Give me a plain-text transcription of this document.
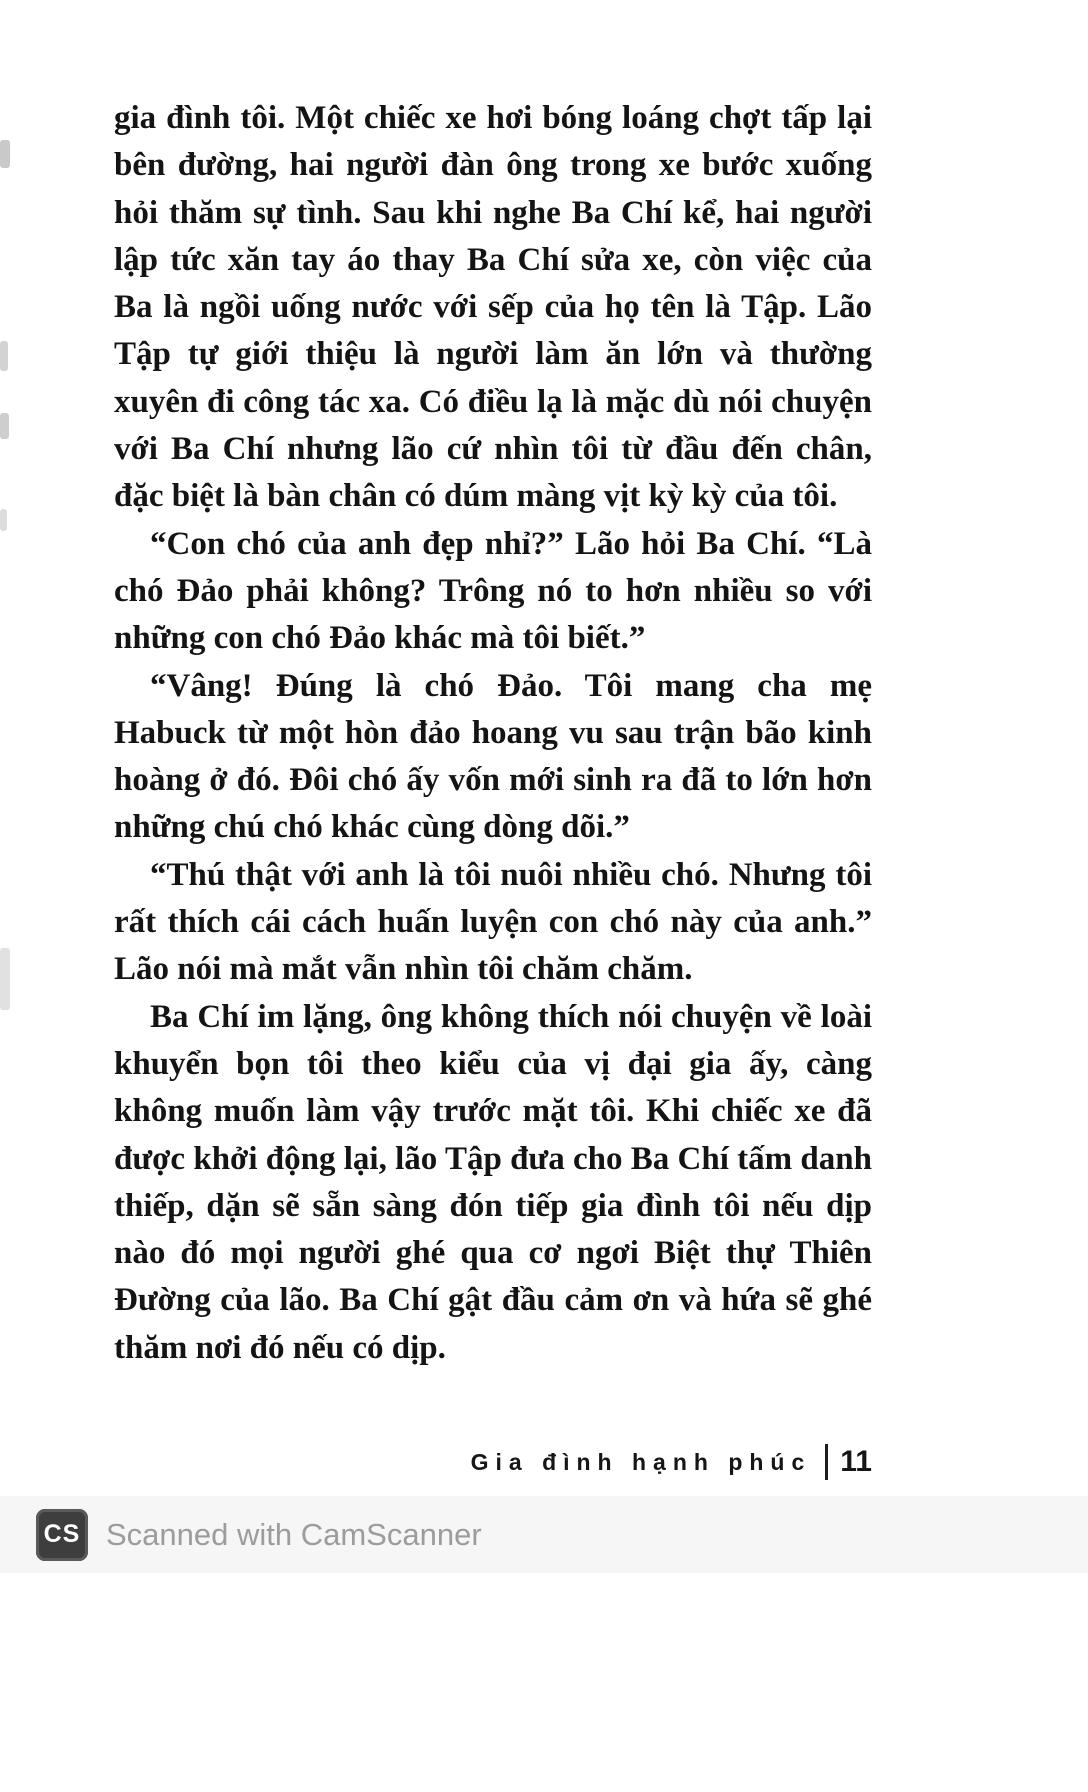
gia đình tôi. Một chiếc xe hơi bóng loáng chợt tấp lại bên đường, hai người đàn ông trong xe bước xuống hỏi thăm sự tình. Sau khi nghe Ba Chí kể, hai người lập tức xăn tay áo thay Ba Chí sửa xe, còn việc của Ba là ngồi uống nước với sếp của họ tên là Tập. Lão Tập tự giới thiệu là người làm ăn lớn và thường xuyên đi công tác xa. Có điều lạ là mặc dù nói chuyện với Ba Chí nhưng lão cứ nhìn tôi từ đầu đến chân, đặc biệt là bàn chân có dúm màng vịt kỳ kỳ của tôi.

“Con chó của anh đẹp nhỉ?” Lão hỏi Ba Chí. “Là chó Đảo phải không? Trông nó to hơn nhiều so với những con chó Đảo khác mà tôi biết.”

“Vâng! Đúng là chó Đảo. Tôi mang cha mẹ Habuck từ một hòn đảo hoang vu sau trận bão kinh hoàng ở đó. Đôi chó ấy vốn mới sinh ra đã to lớn hơn những chú chó khác cùng dòng dõi.”

“Thú thật với anh là tôi nuôi nhiều chó. Nhưng tôi rất thích cái cách huấn luyện con chó này của anh.” Lão nói mà mắt vẫn nhìn tôi chăm chăm.

Ba Chí im lặng, ông không thích nói chuyện về loài khuyển bọn tôi theo kiểu của vị đại gia ấy, càng không muốn làm vậy trước mặt tôi. Khi chiếc xe đã được khởi động lại, lão Tập đưa cho Ba Chí tấm danh thiếp, dặn sẽ sẵn sàng đón tiếp gia đình tôi nếu dịp nào đó mọi người ghé qua cơ ngơi Biệt thự Thiên Đường của lão. Ba Chí gật đầu cảm ơn và hứa sẽ ghé thăm nơi đó nếu có dịp.

Gia đình hạnh phúc 11
CS Scanned with CamScanner
